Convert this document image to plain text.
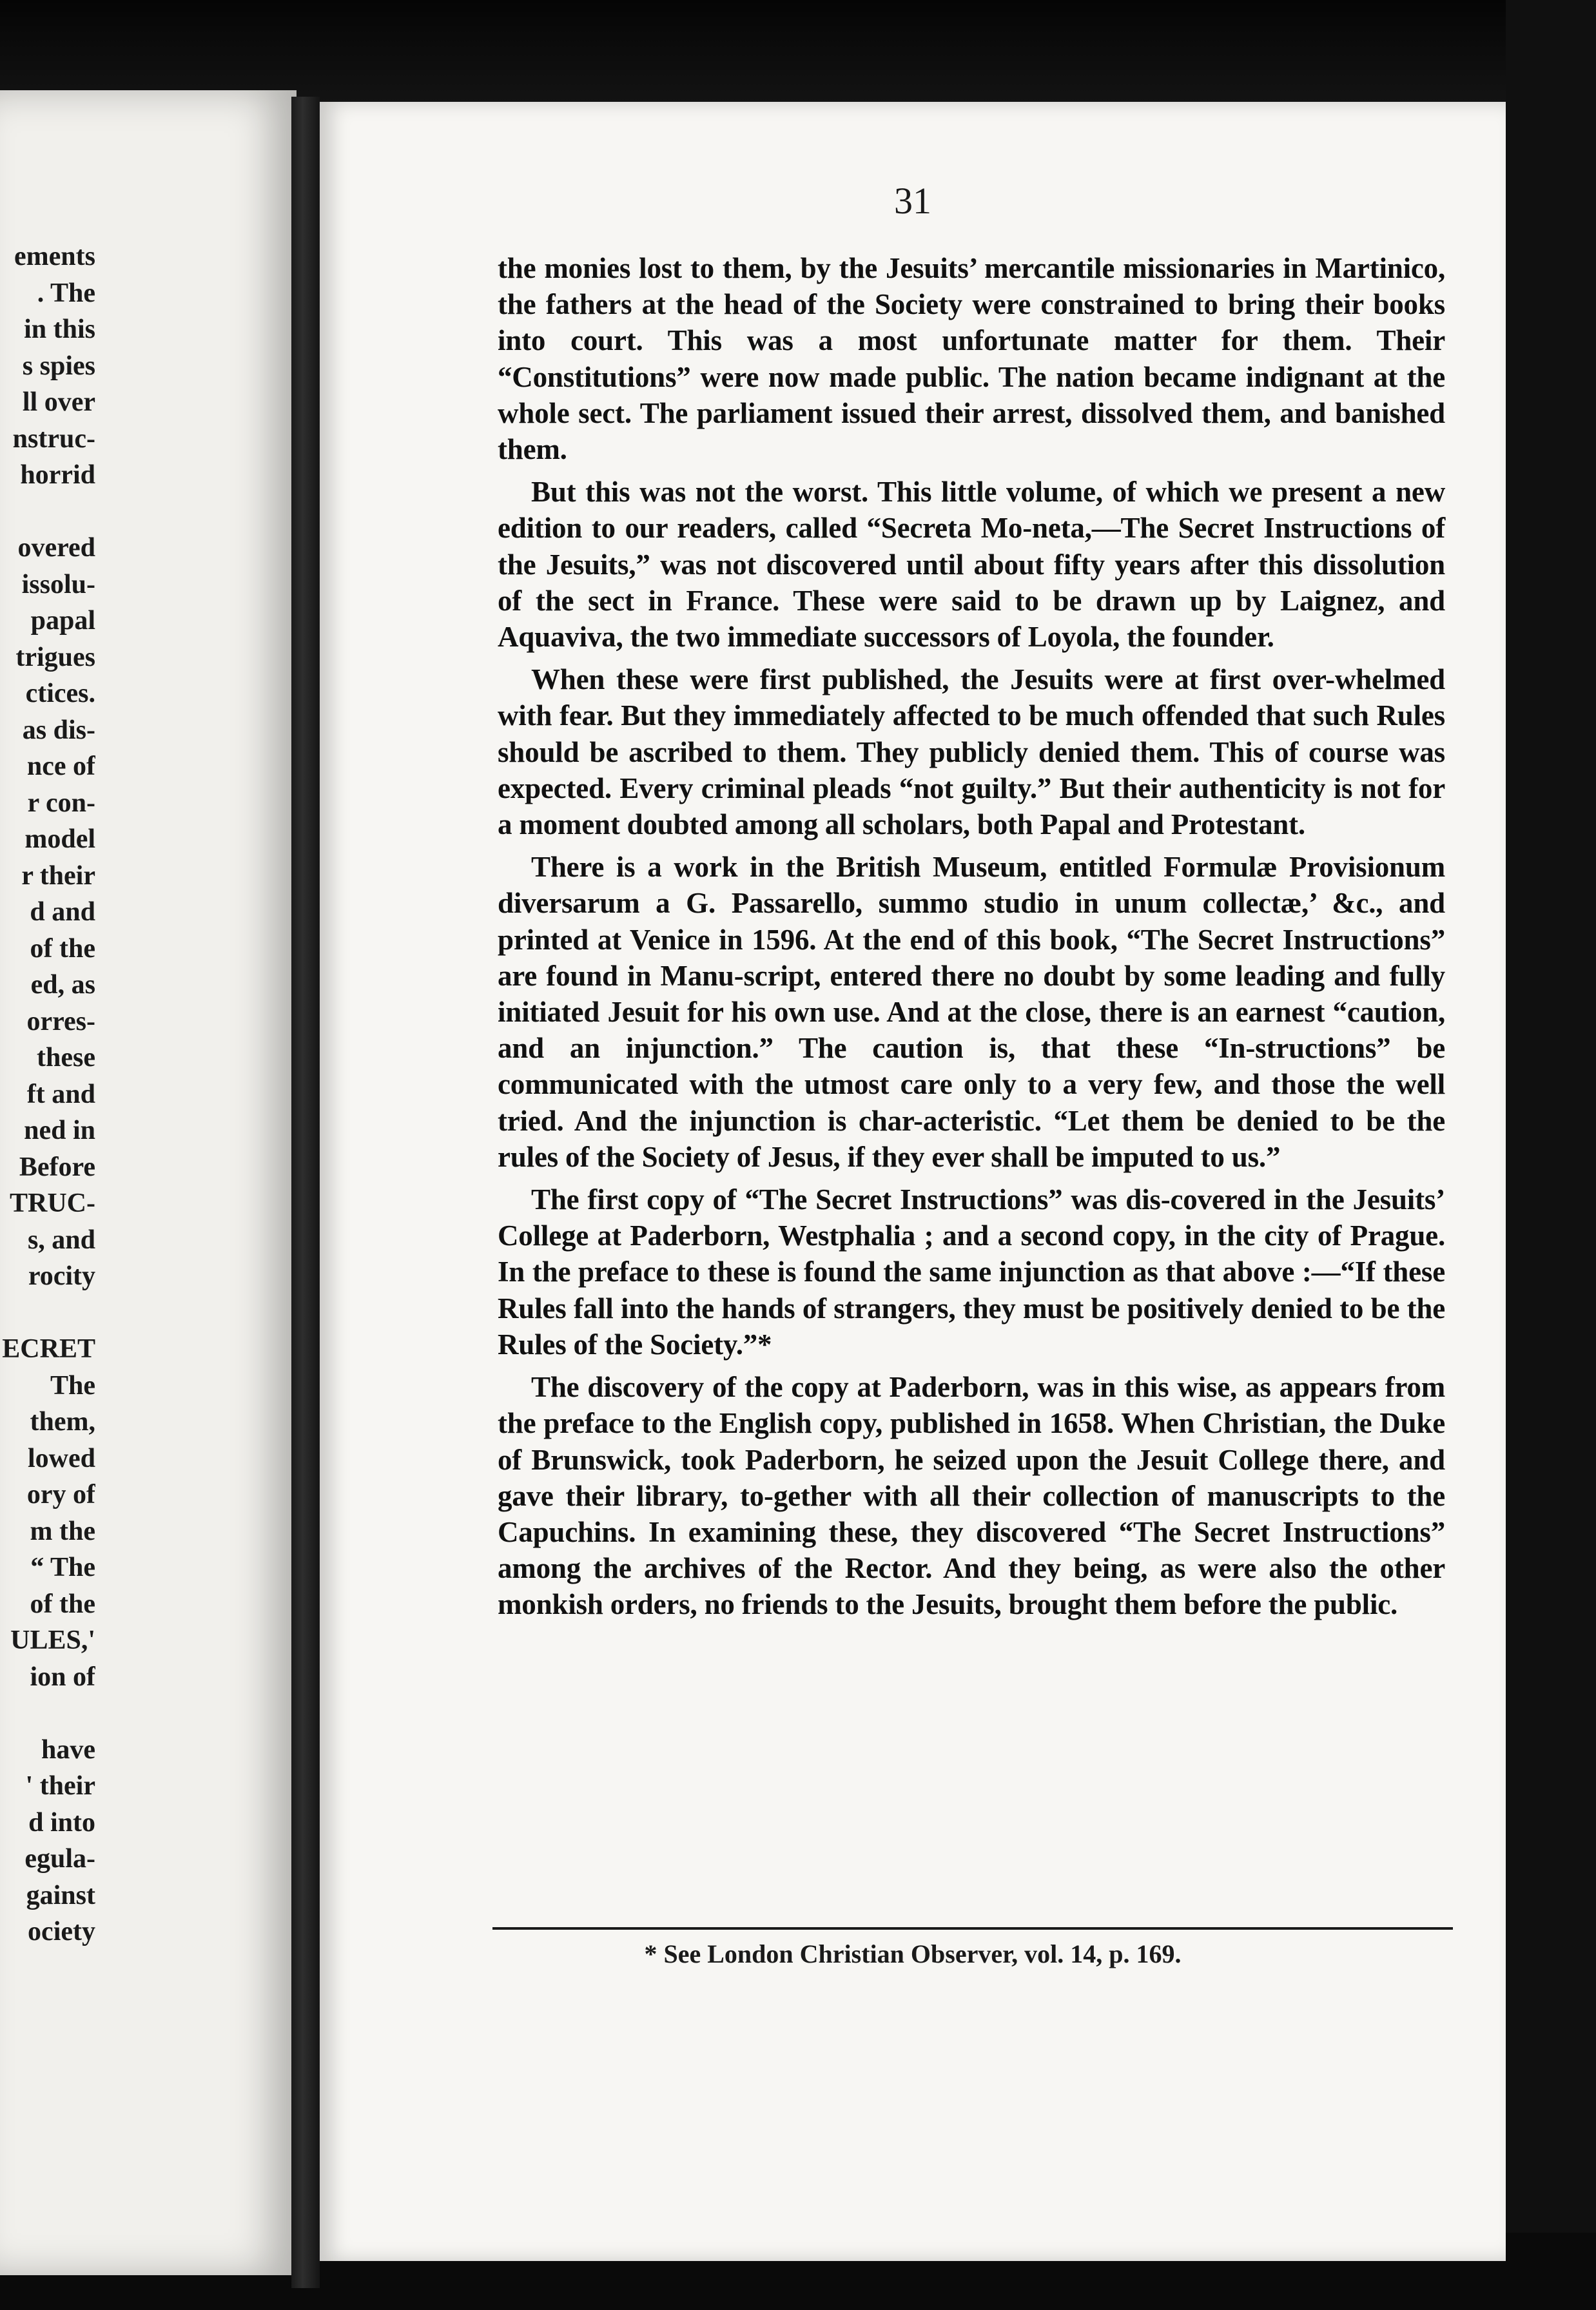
ements
. The
in this
s spies
ll over
nstruc-
horrid
overed
issolu-
papal
trigues
ctices.
as dis-
nce of
r con-
model
r their
d and
of the
ed, as
orres-
these
ft and
ned in
Before
TRUC-
s, and
rocity
ECRET
The
them,
lowed
ory of
m the
“ The
of the
ULES,'
ion of
have
' their
d into
egula-
gainst
ociety
31

the monies lost to them, by the Jesuits’ mercantile missionaries in Martinico, the fathers at the head of the Society were constrained to bring their books into court. This was a most unfortunate matter for them. Their “Constitutions” were now made public. The nation became indignant at the whole sect. The parliament issued their arrest, dissolved them, and banished them.

But this was not the worst. This little volume, of which we present a new edition to our readers, called “Secreta Mo-neta,—The Secret Instructions of the Jesuits,” was not discovered until about fifty years after this dissolution of the sect in France. These were said to be drawn up by Laignez, and Aquaviva, the two immediate successors of Loyola, the founder.

When these were first published, the Jesuits were at first over-whelmed with fear. But they immediately affected to be much offended that such Rules should be ascribed to them. They publicly denied them. This of course was expected. Every criminal pleads “not guilty.” But their authenticity is not for a moment doubted among all scholars, both Papal and Protestant.

There is a work in the British Museum, entitled Formulæ Provisionum diversarum a G. Passarello, summo studio in unum collectæ,’ &c., and printed at Venice in 1596. At the end of this book, “The Secret Instructions” are found in Manu-script, entered there no doubt by some leading and fully initiated Jesuit for his own use. And at the close, there is an earnest “caution, and an injunction.” The caution is, that these “In-structions” be communicated with the utmost care only to a very few, and those the well tried. And the injunction is char-acteristic. “Let them be denied to be the rules of the Society of Jesus, if they ever shall be imputed to us.”

The first copy of “The Secret Instructions” was dis-covered in the Jesuits’ College at Paderborn, Westphalia ; and a second copy, in the city of Prague. In the preface to these is found the same injunction as that above :—“If these Rules fall into the hands of strangers, they must be positively denied to be the Rules of the Society.”*

The discovery of the copy at Paderborn, was in this wise, as appears from the preface to the English copy, published in 1658. When Christian, the Duke of Brunswick, took Paderborn, he seized upon the Jesuit College there, and gave their library, to-gether with all their collection of manuscripts to the Capuchins. In examining these, they discovered “The Secret Instructions” among the archives of the Rector. And they being, as were also the other monkish orders, no friends to the Jesuits, brought them before the public.

* See London Christian Observer, vol. 14, p. 169.
